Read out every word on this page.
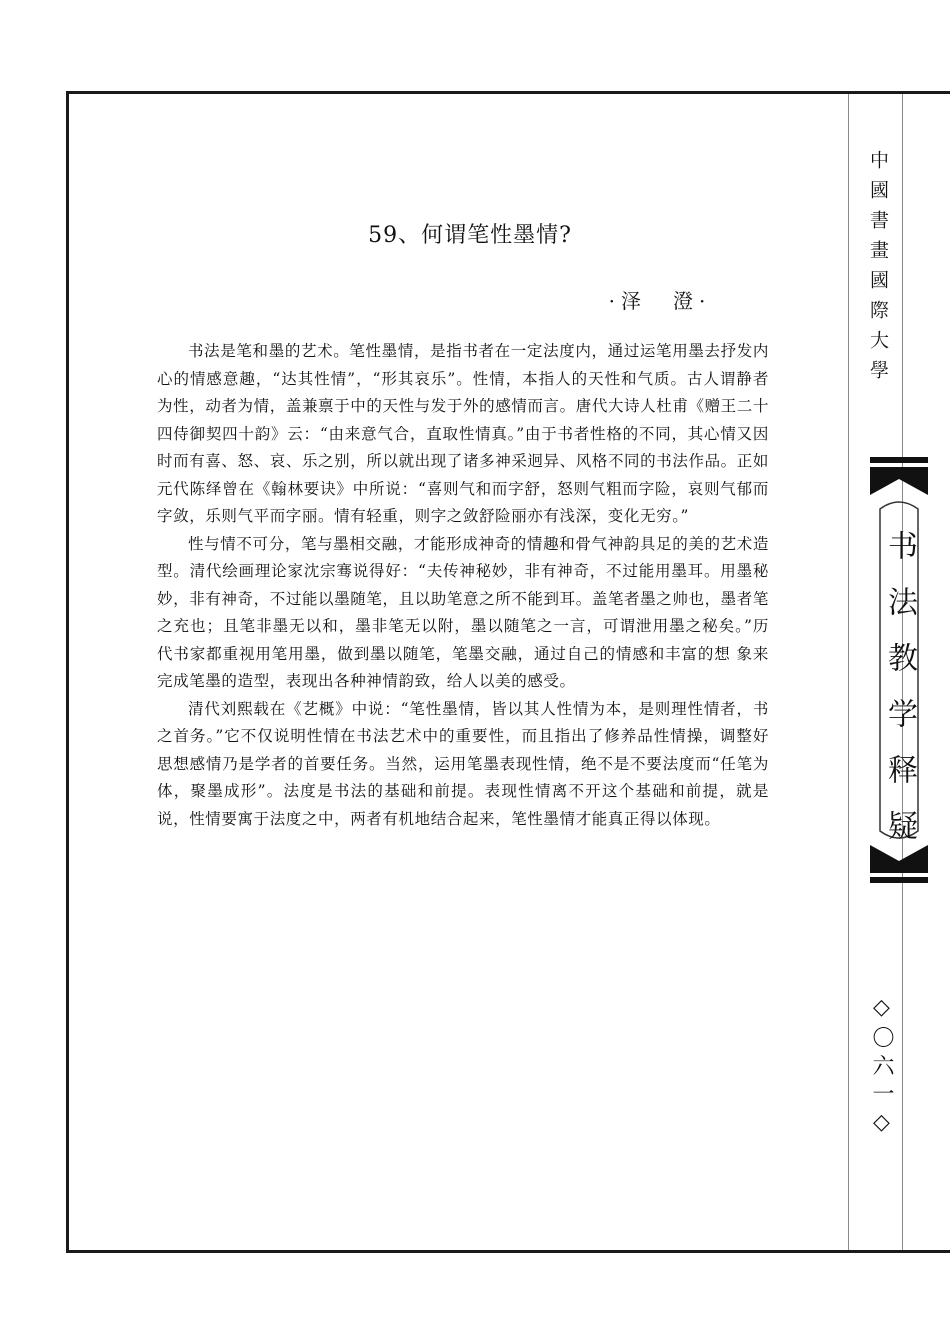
59、何谓笔性墨情?
·泽　澄·

书法是笔和墨的艺术。笔性墨情，是指书者在一定法度内，通过运笔用墨去抒发内心的情感意趣，“达其性情”，“形其哀乐”。性情，本指人的天性和气质。古人谓静者为性，动者为情，盖兼禀于中的天性与发于外的感情而言。唐代大诗人杜甫《赠王二十四侍御契四十韵》云：“由来意气合，直取性情真。”由于书者性格的不同，其心情又因时而有喜、怒、哀、乐之别，所以就出现了诸多神采迥异、风格不同的书法作品。正如元代陈绎曾在《翰林要诀》中所说：“喜则气和而字舒，怒则气粗而字险，哀则气郁而字敛，乐则气平而字丽。情有轻重，则字之敛舒险丽亦有浅深，变化无穷。”

性与情不可分，笔与墨相交融，才能形成神奇的情趣和骨气神韵具足的美的艺术造型。清代绘画理论家沈宗骞说得好：“夫传神秘妙，非有神奇，不过能用墨耳。用墨秘妙，非有神奇，不过能以墨随笔，且以助笔意之所不能到耳。盖笔者墨之帅也，墨者笔之充也；且笔非墨无以和，墨非笔无以附，墨以随笔之一言，可谓泄用墨之秘矣。”历代书家都重视用笔用墨，做到墨以随笔，笔墨交融，通过自己的情感和丰富的想 象来完成笔墨的造型，表现出各种神情韵致，给人以美的感受。

清代刘熙载在《艺概》中说：“笔性墨情，皆以其人性情为本，是则理性情者，书之首务。”它不仅说明性情在书法艺术中的重要性，而且指出了修养品性情操，调整好思想感情乃是学者的首要任务。当然，运用笔墨表现性情，绝不是不要法度而“任笔为体，聚墨成形”。法度是书法的基础和前提。表现性情离不开这个基础和前提，就是说，性情要寓于法度之中，两者有机地结合起来，笔性墨情才能真正得以体现。

中國書畫國際大學
书法教学释疑
◇〇六一◇
